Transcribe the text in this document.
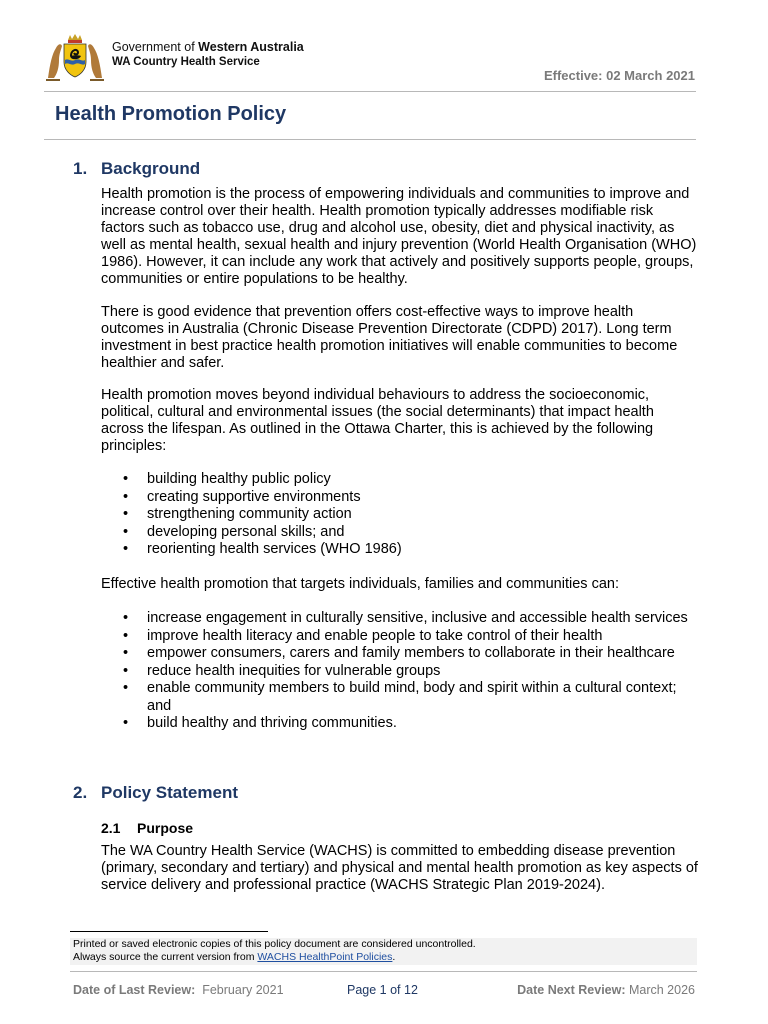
Government of Western Australia
WA Country Health Service
Effective: 02 March 2021
Health Promotion Policy
1. Background
Health promotion is the process of empowering individuals and communities to improve and increase control over their health. Health promotion typically addresses modifiable risk factors such as tobacco use, drug and alcohol use, obesity, diet and physical inactivity, as well as mental health, sexual health and injury prevention (World Health Organisation (WHO) 1986). However, it can include any work that actively and positively supports people, groups, communities or entire populations to be healthy.
There is good evidence that prevention offers cost-effective ways to improve health outcomes in Australia (Chronic Disease Prevention Directorate (CDPD) 2017). Long term investment in best practice health promotion initiatives will enable communities to become healthier and safer.
Health promotion moves beyond individual behaviours to address the socioeconomic, political, cultural and environmental issues (the social determinants) that impact health across the lifespan. As outlined in the Ottawa Charter, this is achieved by the following principles:
• building healthy public policy
• creating supportive environments
• strengthening community action
• developing personal skills; and
• reorienting health services (WHO 1986)
Effective health promotion that targets individuals, families and communities can:
• increase engagement in culturally sensitive, inclusive and accessible health services
• improve health literacy and enable people to take control of their health
• empower consumers, carers and family members to collaborate in their healthcare
• reduce health inequities for vulnerable groups
• enable community members to build mind, body and spirit within a cultural context; and
• build healthy and thriving communities.
2. Policy Statement
2.1 Purpose
The WA Country Health Service (WACHS) is committed to embedding disease prevention (primary, secondary and tertiary) and physical and mental health promotion as key aspects of service delivery and professional practice (WACHS Strategic Plan 2019-2024).
Printed or saved electronic copies of this policy document are considered uncontrolled.
Always source the current version from WACHS HealthPoint Policies.
Date of Last Review: February 2021	Page 1 of 12	Date Next Review: March 2026
